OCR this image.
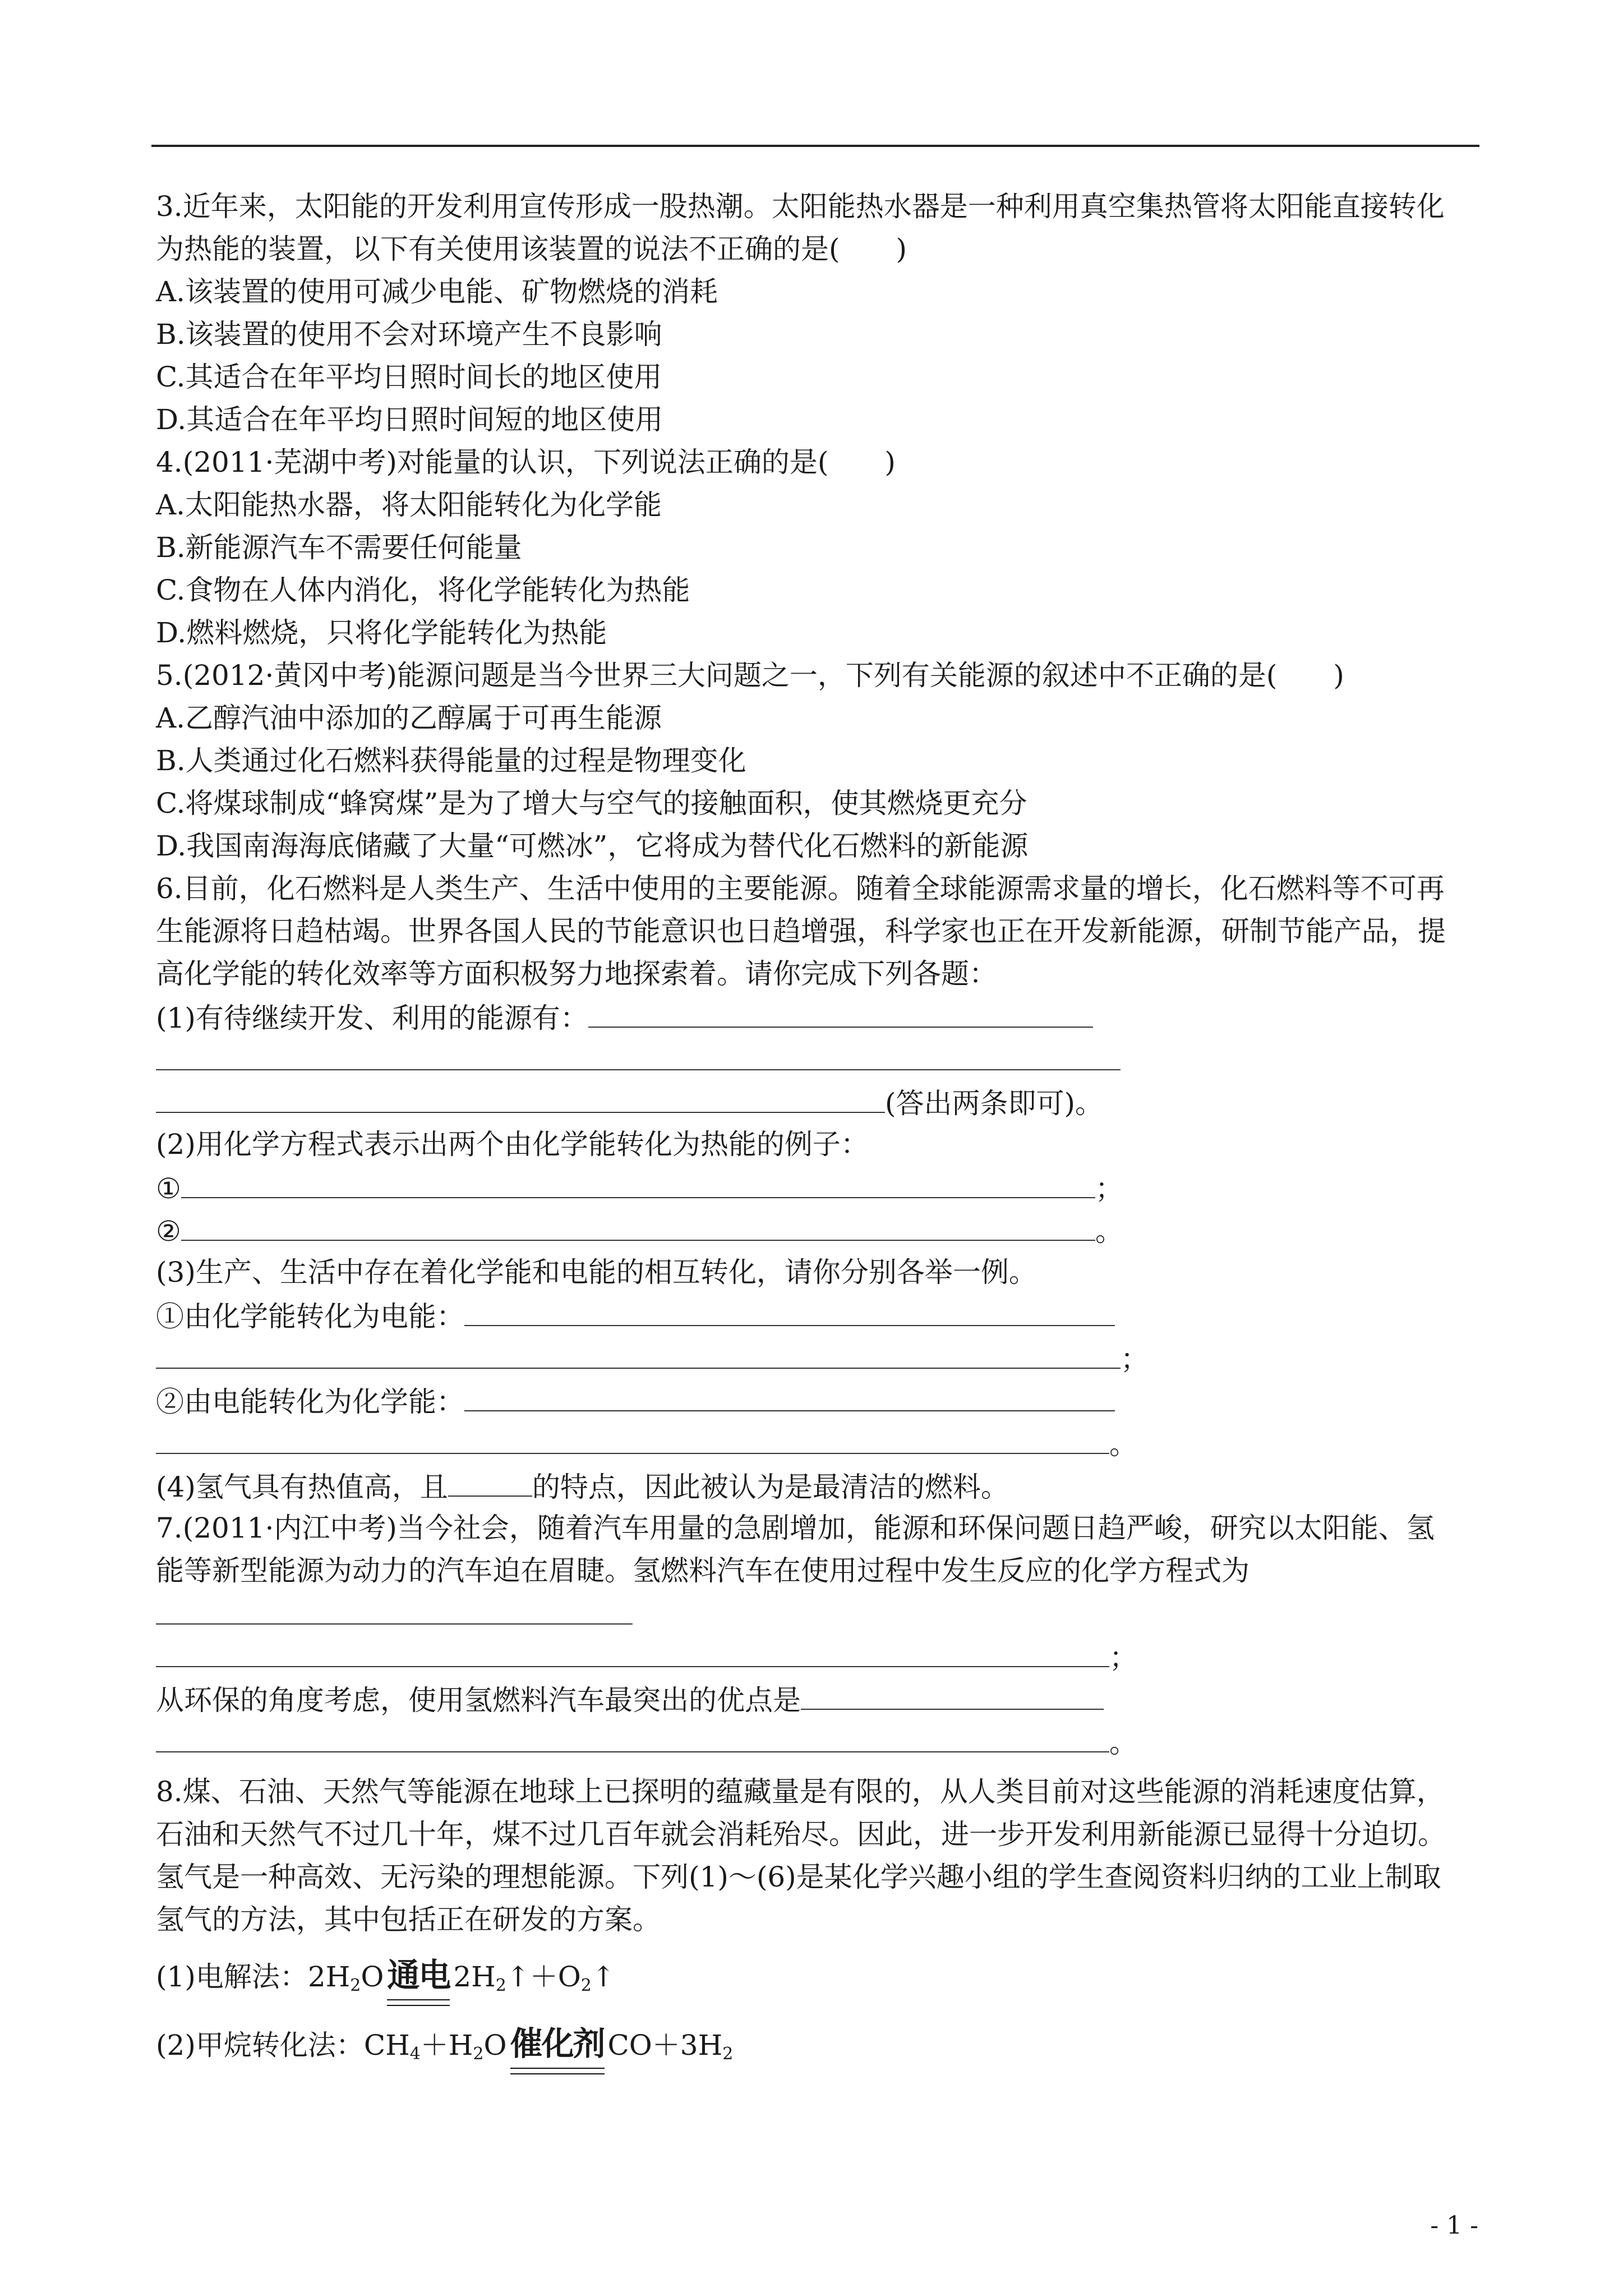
3.近年来，太阳能的开发利用宣传形成一股热潮。太阳能热水器是一种利用真空集热管将太阳能直接转化
为热能的装置，以下有关使用该装置的说法不正确的是( )
A.该装置的使用可减少电能、矿物燃烧的消耗
B.该装置的使用不会对环境产生不良影响
C.其适合在年平均日照时间长的地区使用
D.其适合在年平均日照时间短的地区使用
4.(2011·芜湖中考)对能量的认识，下列说法正确的是( )
A.太阳能热水器，将太阳能转化为化学能
B.新能源汽车不需要任何能量
C.食物在人体内消化，将化学能转化为热能
D.燃料燃烧，只将化学能转化为热能
5.(2012·黄冈中考)能源问题是当今世界三大问题之一，下列有关能源的叙述中不正确的是( )
A.乙醇汽油中添加的乙醇属于可再生能源
B.人类通过化石燃料获得能量的过程是物理变化
C.将煤球制成“蜂窝煤”是为了增大与空气的接触面积，使其燃烧更充分
D.我国南海海底储藏了大量“可燃冰”，它将成为替代化石燃料的新能源
6.目前，化石燃料是人类生产、生活中使用的主要能源。随着全球能源需求量的增长，化石燃料等不可再
生能源将日趋枯竭。世界各国人民的节能意识也日趋增强，科学家也正在开发新能源，研制节能产品，提
高化学能的转化效率等方面积极努力地探索着。请你完成下列各题：
(1)有待继续开发、利用的能源有：
(答出两条即可)。
(2)用化学方程式表示出两个由化学能转化为热能的例子：
①	；
②	。
(3)生产、生活中存在着化学能和电能的相互转化，请你分别各举一例。
①由化学能转化为电能：
；
②由电能转化为化学能：
。
(4)氢气具有热值高，且	的特点，因此被认为是最清洁的燃料。
7.(2011·内江中考)当今社会，随着汽车用量的急剧增加，能源和环保问题日趋严峻，研究以太阳能、氢
能等新型能源为动力的汽车迫在眉睫。氢燃料汽车在使用过程中发生反应的化学方程式为
；
从环保的角度考虑，使用氢燃料汽车最突出的优点是
。
8.煤、石油、天然气等能源在地球上已探明的蕴藏量是有限的，从人类目前对这些能源的消耗速度估算，
石油和天然气不过几十年，煤不过几百年就会消耗殆尽。因此，进一步开发利用新能源已显得十分迫切。
氢气是一种高效、无污染的理想能源。下列(1)～(6)是某化学兴趣小组的学生查阅资料归纳的工业上制取
氢气的方法，其中包括正在研发的方案。
(1)电解法：$2H_2O$ 通电 $2H_2↑+O_2↑$
(2)甲烷转化法：$CH_4+H_2O$ 催化剂 $CO+3H_2$
- 1 -
